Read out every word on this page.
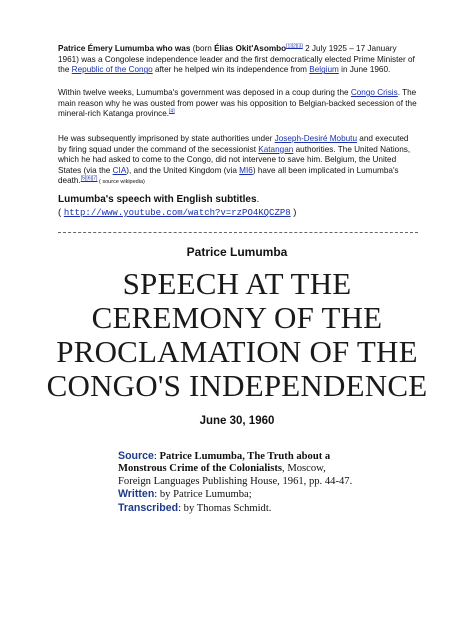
Patrice Émery Lumumba who was (born Élias Okit'Asombo[1][2][3] 2 July 1925 – 17 January 1961) was a Congolese independence leader and the first democratically elected Prime Minister of the Republic of the Congo after he helped win its independence from Belgium in June 1960.
Within twelve weeks, Lumumba's government was deposed in a coup during the Congo Crisis. The main reason why he was ousted from power was his opposition to Belgian-backed secession of the mineral-rich Katanga province.[4]
He was subsequently imprisoned by state authorities under Joseph-Desiré Mobutu and executed by firing squad under the command of the secessionist Katangan authorities. The United Nations, which he had asked to come to the Congo, did not intervene to save him. Belgium, the United States (via the CIA), and the United Kingdom (via MI6) have all been implicated in Lumumba's death.[5][6][7] ( source wikipedia)
Lumumba's speech with English subtitles.
( http://www.youtube.com/watch?v=rzPO4KQCZP8 )
Patrice Lumumba
SPEECH AT THE CEREMONY OF THE PROCLAMATION OF THE CONGO'S INDEPENDENCE
June 30, 1960
Source: Patrice Lumumba, The Truth about a Monstrous Crime of the Colonialists, Moscow, Foreign Languages Publishing House, 1961, pp. 44-47.
Written: by Patrice Lumumba;
Transcribed: by Thomas Schmidt.
